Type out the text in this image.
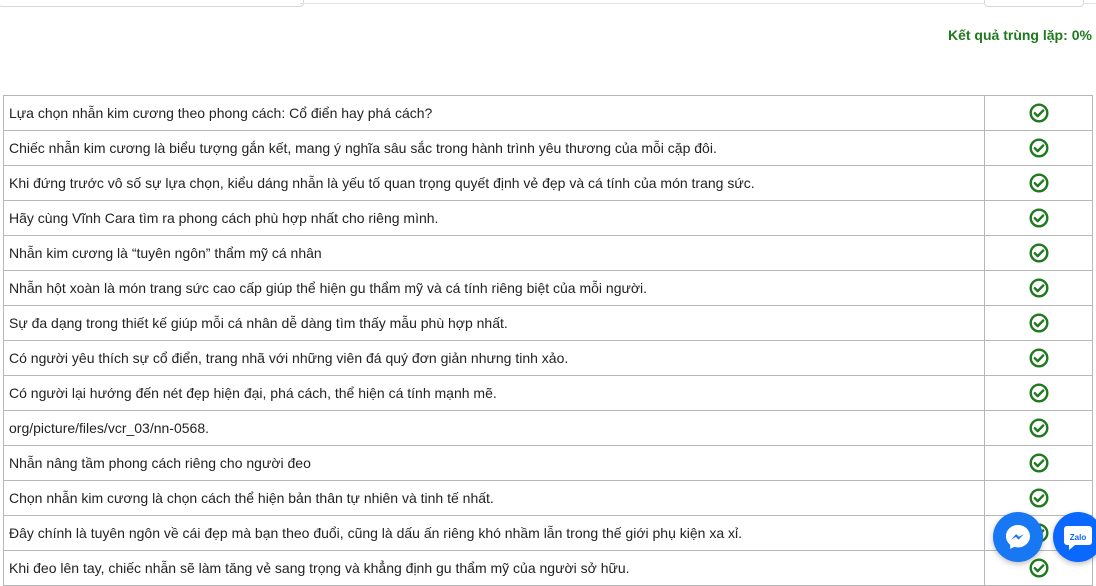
Kết quả trùng lặp: 0%
Lựa chọn nhẫn kim cương theo phong cách: Cổ điển hay phá cách?	
Chiếc nhẫn kim cương là biểu tượng gắn kết, mang ý nghĩa sâu sắc trong hành trình yêu thương của mỗi cặp đôi.	
Khi đứng trước vô số sự lựa chọn, kiểu dáng nhẫn là yếu tố quan trọng quyết định vẻ đẹp và cá tính của món trang sức.	
Hãy cùng Vĩnh Cara tìm ra phong cách phù hợp nhất cho riêng mình.	
Nhẫn kim cương là “tuyên ngôn” thẩm mỹ cá nhân	
Nhẫn hột xoàn là món trang sức cao cấp giúp thể hiện gu thẩm mỹ và cá tính riêng biệt của mỗi người.	
Sự đa dạng trong thiết kế giúp mỗi cá nhân dễ dàng tìm thấy mẫu phù hợp nhất.	
Có người yêu thích sự cổ điển, trang nhã với những viên đá quý đơn giản nhưng tinh xảo.	
Có người lại hướng đến nét đẹp hiện đại, phá cách, thể hiện cá tính mạnh mẽ.	
org/picture/files/vcr_03/nn-0568.	
Nhẫn nâng tầm phong cách riêng cho người đeo	
Chọn nhẫn kim cương là chọn cách thể hiện bản thân tự nhiên và tinh tế nhất.	
Đây chính là tuyên ngôn về cái đẹp mà bạn theo đuổi, cũng là dấu ấn riêng khó nhầm lẫn trong thế giới phụ kiện xa xỉ.	
Khi đeo lên tay, chiếc nhẫn sẽ làm tăng vẻ sang trọng và khẳng định gu thẩm mỹ của người sở hữu.	
Zalo
